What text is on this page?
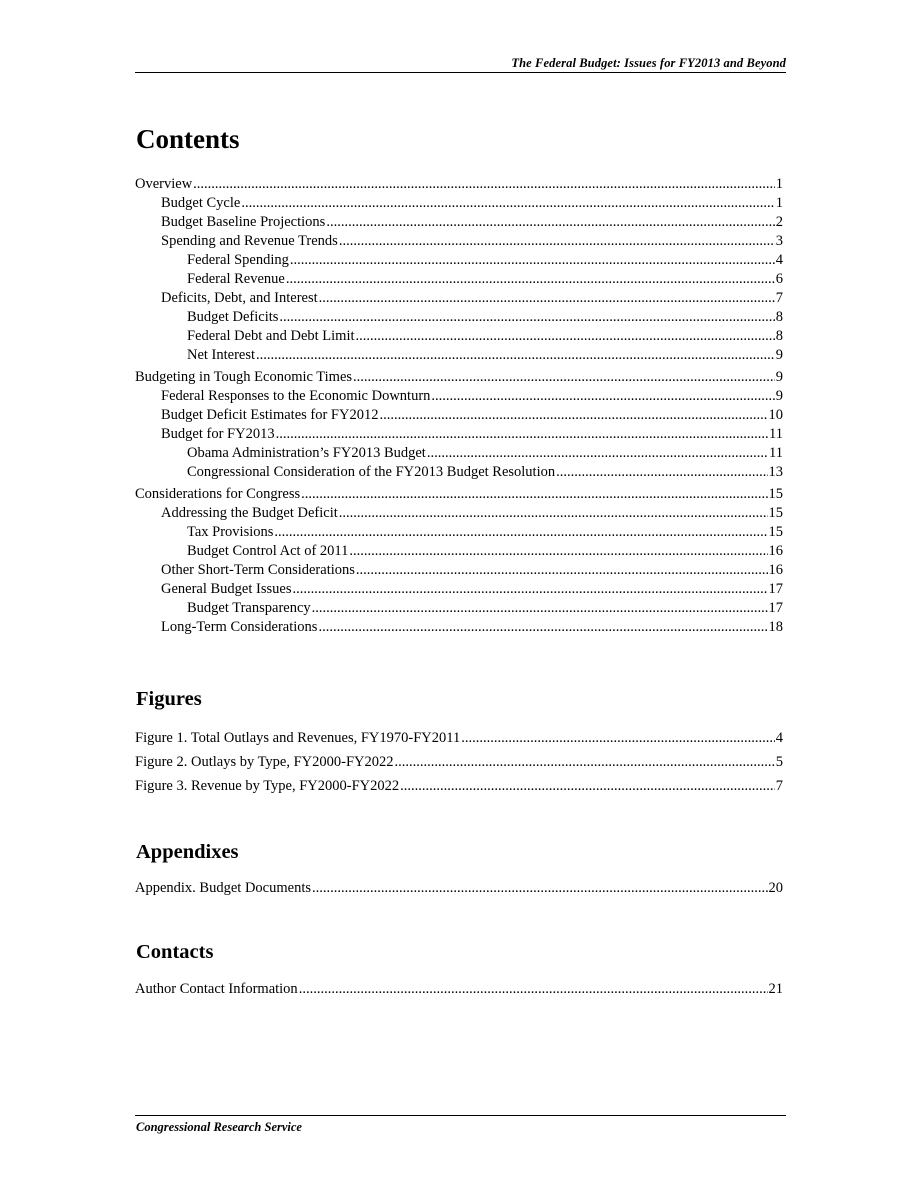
The Federal Budget: Issues for FY2013 and Beyond
Contents
Overview .....	1
Budget Cycle .....	1
Budget Baseline Projections .....	2
Spending and Revenue Trends .....	3
Federal Spending .....	4
Federal Revenue .....	6
Deficits, Debt, and Interest .....	7
Budget Deficits .....	8
Federal Debt and Debt Limit .....	8
Net Interest .....	9
Budgeting in Tough Economic Times .....	9
Federal Responses to the Economic Downturn .....	9
Budget Deficit Estimates for FY2012 .....	10
Budget for FY2013 .....	11
Obama Administration’s FY2013 Budget .....	11
Congressional Consideration of the FY2013 Budget Resolution .....	13
Considerations for Congress .....	15
Addressing the Budget Deficit .....	15
Tax Provisions .....	15
Budget Control Act of 2011 .....	16
Other Short-Term Considerations .....	16
General Budget Issues .....	17
Budget Transparency .....	17
Long-Term Considerations .....	18
Figures
Figure 1. Total Outlays and Revenues, FY1970-FY2011 .....	4
Figure 2. Outlays by Type, FY2000-FY2022 .....	5
Figure 3. Revenue by Type, FY2000-FY2022 .....	7
Appendixes
Appendix. Budget Documents .....	20
Contacts
Author Contact Information .....	21
Congressional Research Service
